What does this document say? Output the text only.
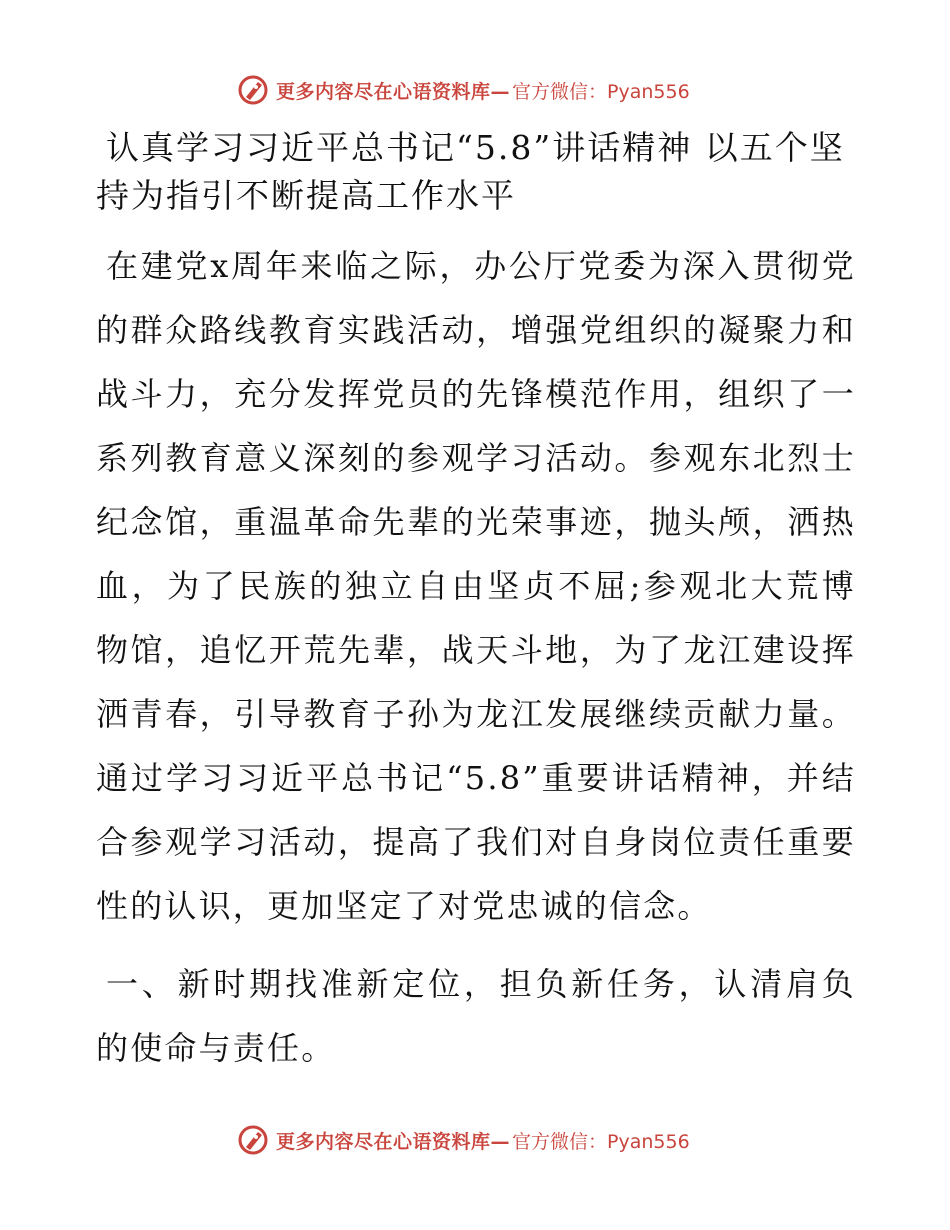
更多内容尽在心语资料库— 官方微信：Pyan556
认真学习习近平总书记“5.8”讲话精神 以五个坚持为指引不断提高工作水平

在建党x周年来临之际，办公厅党委为深入贯彻党的群众路线教育实践活动，增强党组织的凝聚力和战斗力，充分发挥党员的先锋模范作用，组织了一系列教育意义深刻的参观学习活动。参观东北烈士纪念馆，重温革命先辈的光荣事迹，抛头颅，洒热血，为了民族的独立自由坚贞不屈;参观北大荒博物馆，追忆开荒先辈，战天斗地，为了龙江建设挥洒青春，引导教育子孙为龙江发展继续贡献力量。通过学习习近平总书记“5.8”重要讲话精神，并结合参观学习活动，提高了我们对自身岗位责任重要性的认识，更加坚定了对党忠诚的信念。

一、新时期找准新定位，担负新任务，认清肩负的使命与责任。

更多内容尽在心语资料库— 官方微信：Pyan556
